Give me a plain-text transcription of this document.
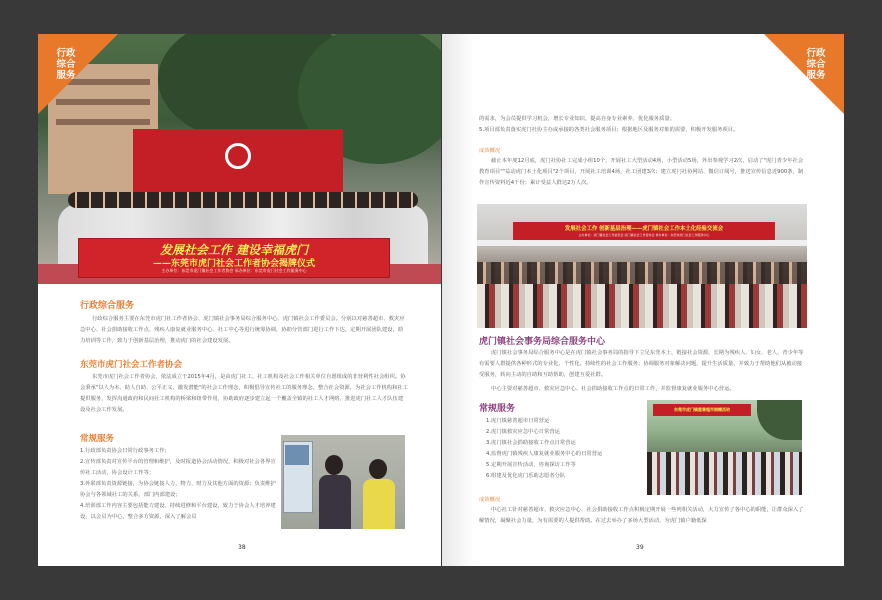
发展社会工作 建设幸福虎门
——东莞市虎门社会工作者协会揭牌仪式
主办单位：东莞市虎门镇社会工作者协会 承办单位：东莞市虎门社会工作服务中心
行政
综合
服务
行政综合服务
行政综合服务主要在东莞市虎门社工作者协会、虎门镇社会事务局综合服务中心、虎门镇社会工作委员会。分别以对慈善超市、救灾应急中心、社会捐助接收工作点、残疾人康复就业服务中心、社工中心等进行统筹协调，协助分管部门进行工作下达，定期开展团队建设，助力培训等工作，致力于创新基层治理，推动虎门的社会建设发展。
东莞市虎门社会工作者协会
东莞市虎门社会工作者协会，依法成立于2015年4月，是由虎门社工、社工机构及社会工作相关单位自愿组成的非营利性社会组织。协会秉承"以人为本、助人自助、公平正义、激发潜能"的社会工作理念，积极倡导宣传社工的服务理念，整合社会资源，为社会工作机构和社工提供服务，发挥沟通政府和民间社工机构的桥梁和纽带作用，协助政府逐步建立起一个覆盖全镇的社工人才网络，推进虎门社工人才队伍建设及社会工作发展。
常规服务

1.行政部负责协会日常行政事务工作；

2.宣传部负责对宣传平台的管理和维护，及时报道协会活动情况，积极对社会各界宣传社工活动，协会设计工作等；

3.外联部负责资源链接，为协会链接人力、物力、财力及其他方面的资源；负责维护协会与各领域社工的关系，部门内部建设；

4.培训部工作内容主要包括能力建设、持续进修和平台建设，致力于协会人才培养建设，以会员为中心，整合多方资源，深入了解会员

38
行政
综合
服务

的需求，为会员提供学习机会，增长专业知识，提高自身专业素养，优化服务质量；

5.项目部负责落实虎门社协主办或承接的各类社会服务项目；根据地区及服务对象的需要，积极开发服务项目。

成效概况
截止本年度12月底，虎门社协社工完成小组10个，开展社工大型活动4场，小型活动5场，外出参观学习2次，启动了"虎门青少年社会教育项目""益动虎门本土化项目"2个项目，开展社工培训4场，社工团建3次；建立虎门社协网站、微信订阅号，推送宣传信息近900条，制作宣传资料近4千份；累计受益人群达2万人次。
发展社会工作 创新基层治理——虎门镇社会工作本土化经验交流会
主办单位：虎门镇社会工作委员会 虎门镇社会工作者协会 承办单位：东莞市虎门社会工作服务中心
虎门镇社会事务局综合服务中心
虎门镇社会事务局综合服务中心是在虎门镇社会事务局的指导下立足东莞本土，链接社会资源，长期为残疾人、妇女、老人、青少年等有需要人群提供各种形式的专业化、个性化、持续性的社会工作服务；协调服务对象解决问题，提升生活质量，并致力于帮助他们从被动接受服务，转向主动的自助和互助帮助，创建互爱社群。
中心主要对慈善超市、救灾应急中心、社会捐助接收工作点的日常工作，并监督康复就业服务中心营运。
常规服务

1.虎门镇慈善超市日常营运

2.虎门镇救灾应急中心日常营运

3.虎门镇社会捐助接收工作点日常营运

4.监督虎门镇残疾人康复就业服务中心的日常营运

5.定期开展宣传活动，咨询探访工作等

6.组建及优化虎门乐助志愿者分队

东莞市虎门镇慈善超市捐赠活动
成效概况
中心社工针对慈善超市、救灾应急中心、社会捐助接收工作点积极定期开展一些列相关活动，大力宣传了各中心的职能，让群众深入了解情况，凝聚社会力量，为有需要的人提供帮助。在过去举办了多场大型活动，为虎门镇户籍低保
39
